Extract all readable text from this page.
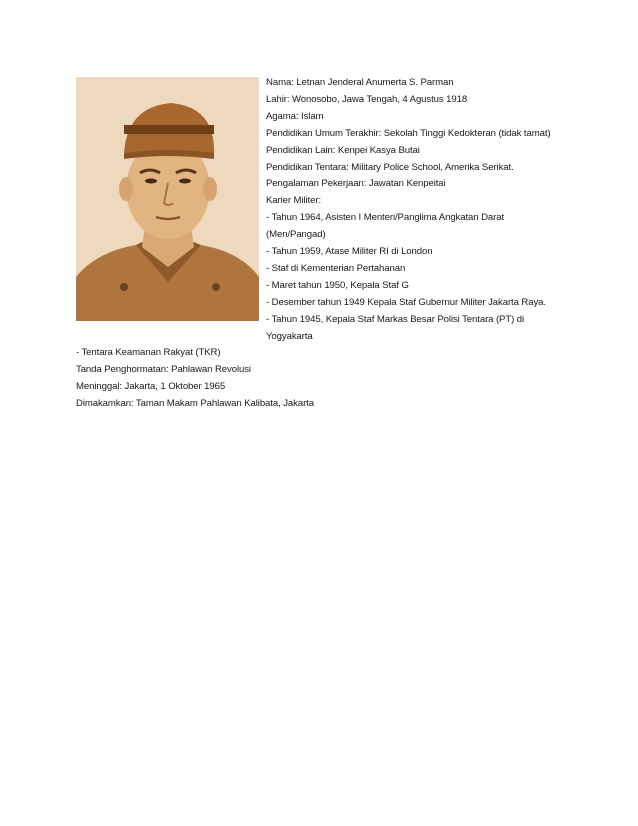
Nama: Letnan Jenderal Anumerta S. Parman
Lahir: Wonosobo, Jawa Tengah, 4 Agustus 1918
Agama: Islam
Pendidikan Umum Terakhir: Sekolah Tinggi Kedokteran (tidak tamat)
Pendidikan Lain: Kenpei Kasya Butai
Pendidikan Tentara: Military Police School, Amerika Serikat.
Pengalaman Pekerjaan: Jawatan Kenpeitai
Karier Militer:
- Tahun 1964, Asisten I Menteri/Panglima Angkatan Darat
(Men/Pangad)
- Tahun 1959, Atase Militer RI di London
- Staf di Kementerian Pertahanan
- Maret tahun 1950, Kepala Staf G
- Desember tahun 1949 Kepala Staf Gubernur Militer Jakarta Raya.
- Tahun 1945, Kepala Staf Markas Besar Polisi Tentara (PT) di
Yogyakarta
- Tentara Keamanan Rakyat (TKR)
Tanda Penghormatan: Pahlawan Revolusi
Meninggal: Jakarta, 1 Oktober 1965
Dimakamkan: Taman Makam Pahlawan Kalibata, Jakarta
